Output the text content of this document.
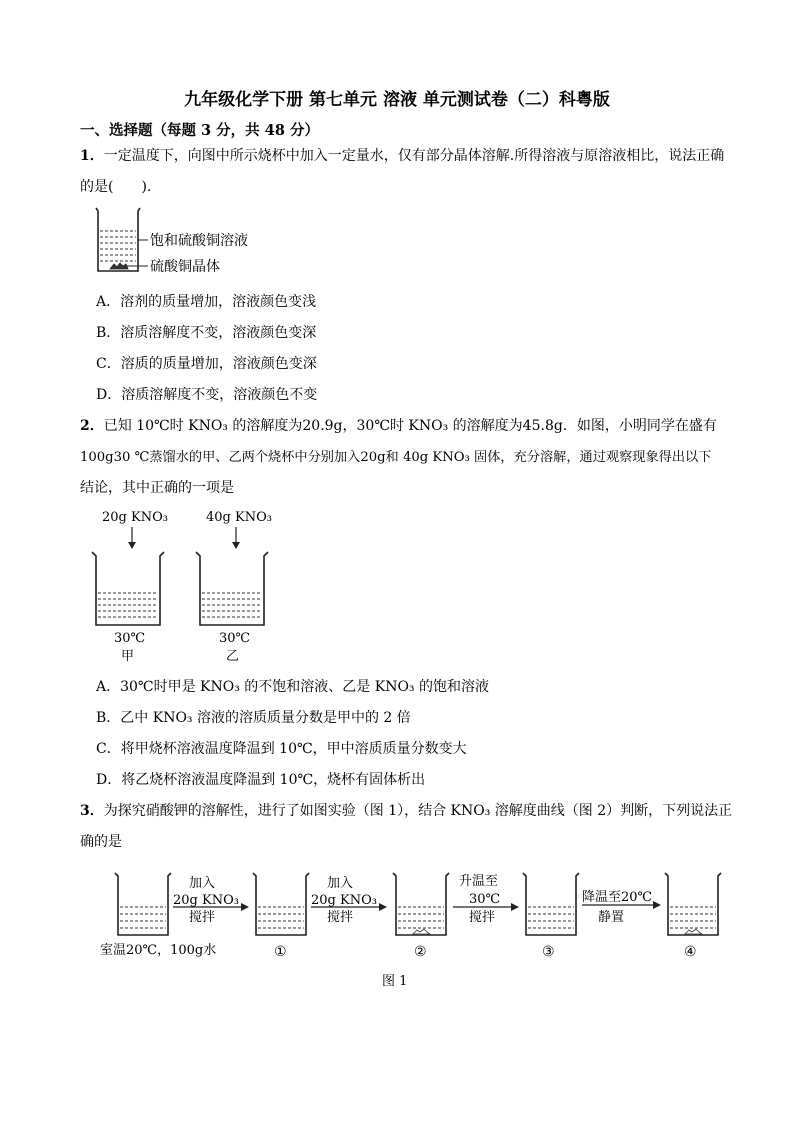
九年级化学下册 第七单元 溶液 单元测试卷（二）科粤版
一、选择题（每题 3 分，共 48 分）
1．一定温度下，向图中所示烧杯中加入一定量水，仅有部分晶体溶解.所得溶液与原溶液相比，说法正确
的是(　　).
饱和硫酸铜溶液
硫酸铜晶体
A．溶剂的质量增加，溶液颜色变浅
B．溶质溶解度不变，溶液颜色变深
C．溶质的质量增加，溶液颜色变深
D．溶质溶解度不变，溶液颜色不变
2．已知 10℃时 KNO₃ 的溶解度为20.9g，30℃时 KNO₃ 的溶解度为45.8g．如图，小明同学在盛有
100g30 ℃蒸馏水的甲、乙两个烧杯中分别加入20g和 40g KNO₃ 固体，充分溶解，通过观察现象得出以下
结论，其中正确的一项是
20g KNO₃
30℃
甲
40g KNO₃
30℃
乙
A．30℃时甲是 KNO₃ 的不饱和溶液、乙是 KNO₃ 的饱和溶液
B．乙中 KNO₃ 溶液的溶质质量分数是甲中的 2 倍
C．将甲烧杯溶液温度降温到 10℃，甲中溶质质量分数变大
D．将乙烧杯溶液温度降温到 10℃，烧杯有固体析出
3．为探究硝酸钾的溶解性，进行了如图实验（图 1），结合 KNO₃ 溶解度曲线（图 2）判断，下列说法正
确的是
室温20℃，100g水
加入
20g KNO₃
搅拌
①
加入
20g KNO₃
搅拌
②
升温至
30℃
搅拌
③
降温至20℃
静置
④
图 1
